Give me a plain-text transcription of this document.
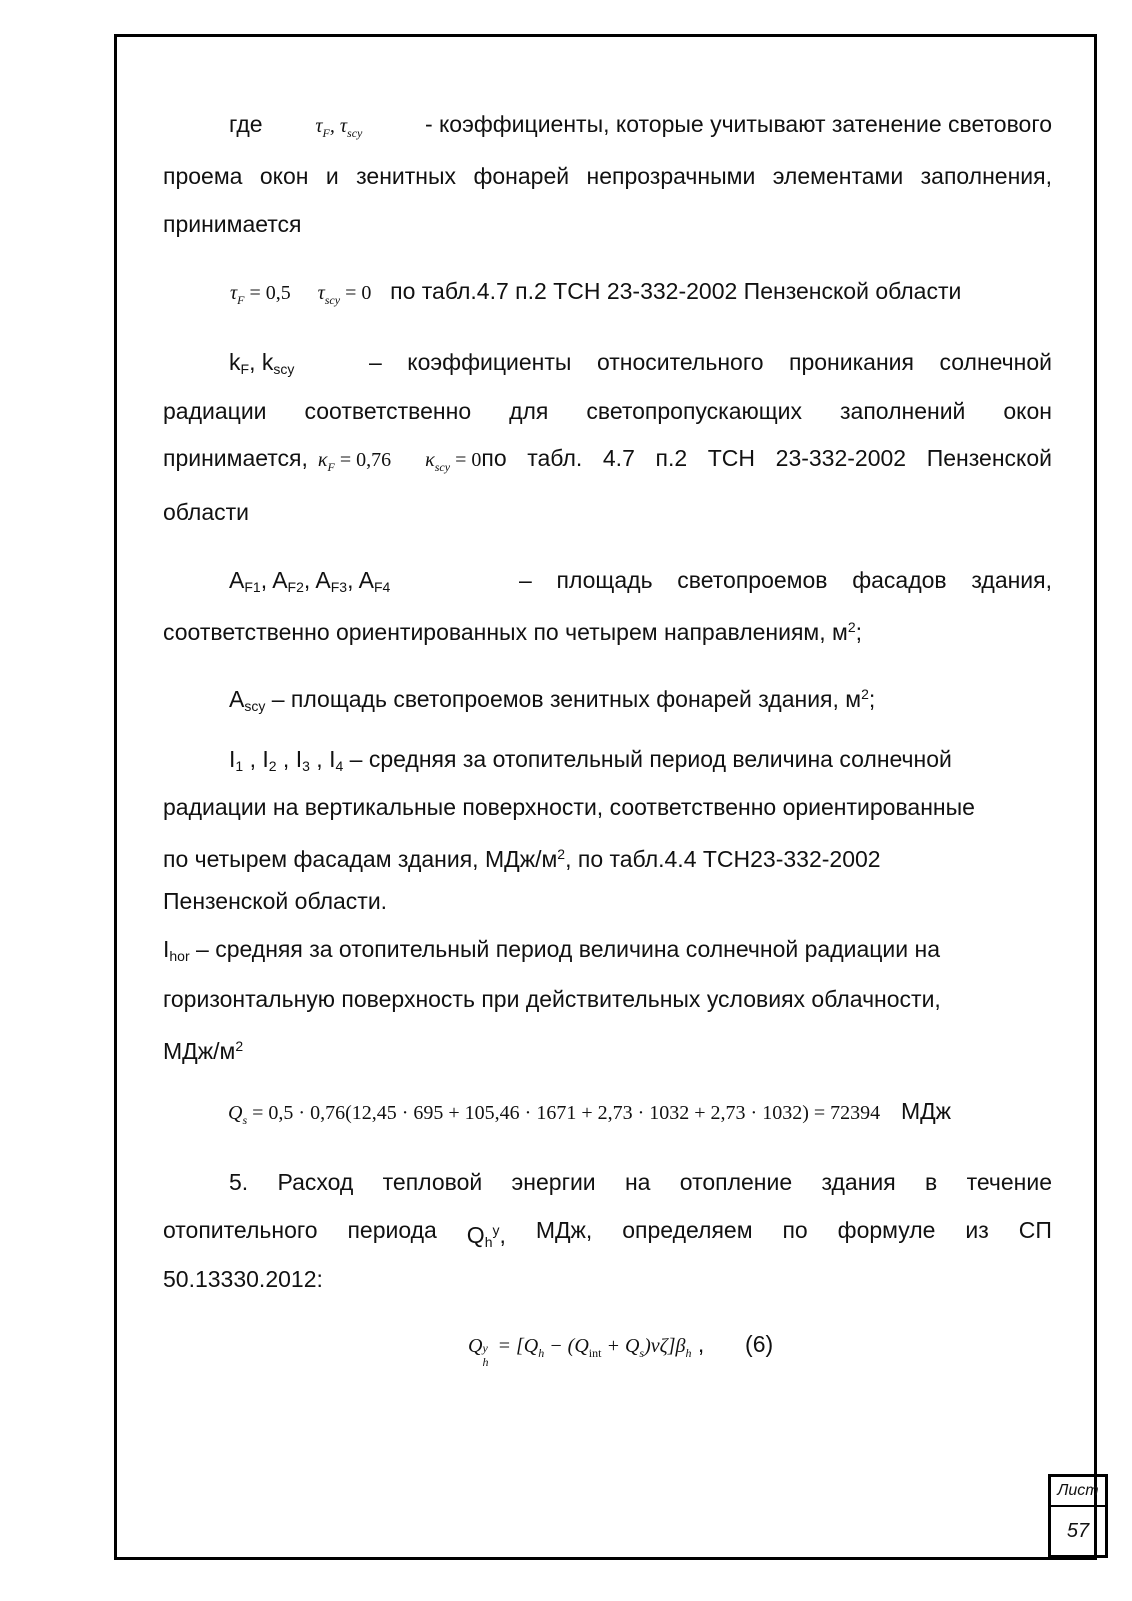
где	$\tau_F$, $\tau_{scy}$	- коэффициенты, которые учитывают затенение светового
проема окон и зенитных фонарей непрозрачными элементами заполнения,
принимается
$\tau_F = 0,5$ $\tau_{scy} = 0$ по табл.4.7 п.2 ТСН 23-332-2002 Пензенской области
kF, kscy	– коэффициенты относительного проникания солнечной
радиации соответственно для светопропускающих заполнений окон
принимается, $\kappa_F = 0,76$ $\kappa_{scy} = 0$ по табл. 4.7 п.2 ТСН 23-332-2002 Пензенской
области
AF1, AF2, AF3, AF4	– площадь светопроемов фасадов здания,
соответственно ориентированных по четырем направлениям, $м^2$;
Ascy – площадь светопроемов зенитных фонарей здания, $м^2$;
I1 , I2 , I3 , I4 – средняя за отопительный период величина солнечной
радиации на вертикальные поверхности, соответственно ориентированные
по четырем фасадам здания, МДж/$м^2$, по табл.4.4 ТСН23-332-2002
Пензенской области.
Ihor – средняя за отопительный период величина солнечной радиации на
горизонтальную поверхность при действительных условиях облачности,
МДж/$м^2$
$Q_s = 0,5 \cdot 0,76(12,45 \cdot 695 + 105,46 \cdot 1671 + 2,73 \cdot 1032 + 2,73 \cdot 1032) = 72394$ МДж
5. Расход тепловой энергии на отопление здания в течение
отопительного периода Qh$^y$, МДж, определяем по формуле из СП
50.13330.2012:
Q y
h
= $[Q_h - (Q_{int} + Q_s)\nu\zeta]\beta_h$ , (6)
Лист
57
